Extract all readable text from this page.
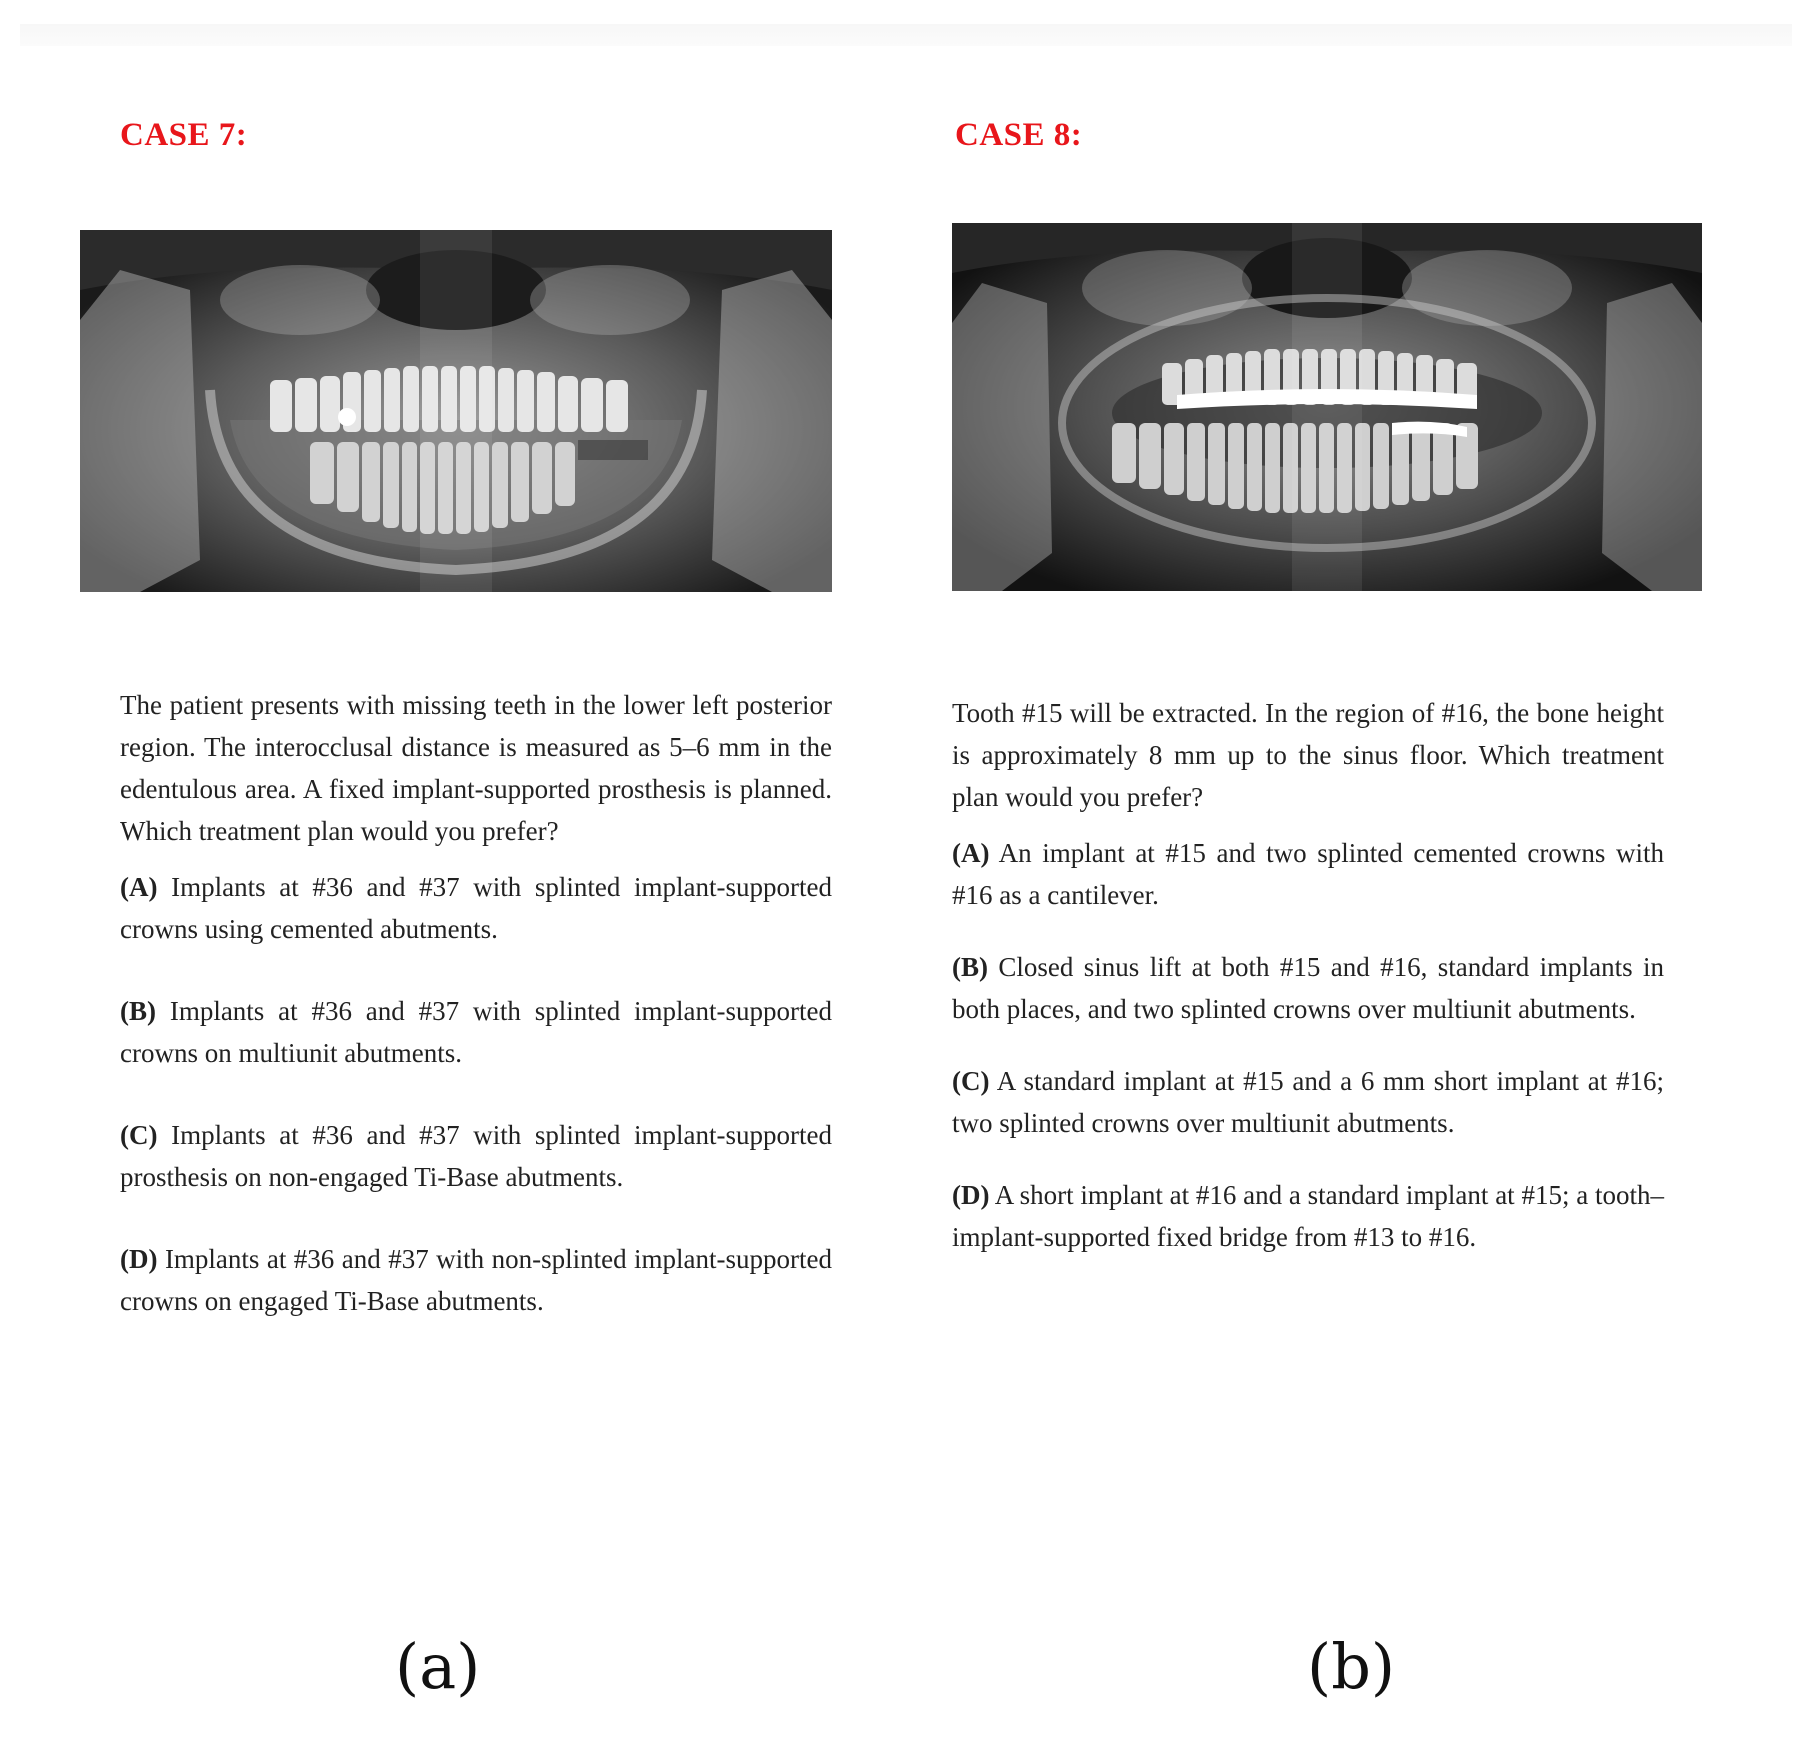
CASE 7:
The patient presents with missing teeth in the lower left posterior region. The interocclusal distance is measured as 5–6 mm in the edentulous area. A fixed implant-supported prosthesis is planned. Which treatment plan would you prefer?
(A) Implants at #36 and #37 with splinted implant-supported crowns using cemented abutments.
(B) Implants at #36 and #37 with splinted implant-supported crowns on multiunit abutments.
(C) Implants at #36 and #37 with splinted implant-supported prosthesis on non-engaged Ti-Base abutments.
(D) Implants at #36 and #37 with non-splinted implant-supported crowns on engaged Ti-Base abutments.
(a)
CASE 8:
Tooth #15 will be extracted. In the region of #16, the bone height is approximately 8 mm up to the sinus floor. Which treatment plan would you prefer?
(A) An implant at #15 and two splinted cemented crowns with #16 as a cantilever.
(B) Closed sinus lift at both #15 and #16, standard implants in both places, and two splinted crowns over multiunit abutments.
(C) A standard implant at #15 and a 6 mm short implant at #16; two splinted crowns over multiunit abutments.
(D) A short implant at #16 and a standard implant at #15; a tooth–implant-supported fixed bridge from #13 to #16.
(b)
